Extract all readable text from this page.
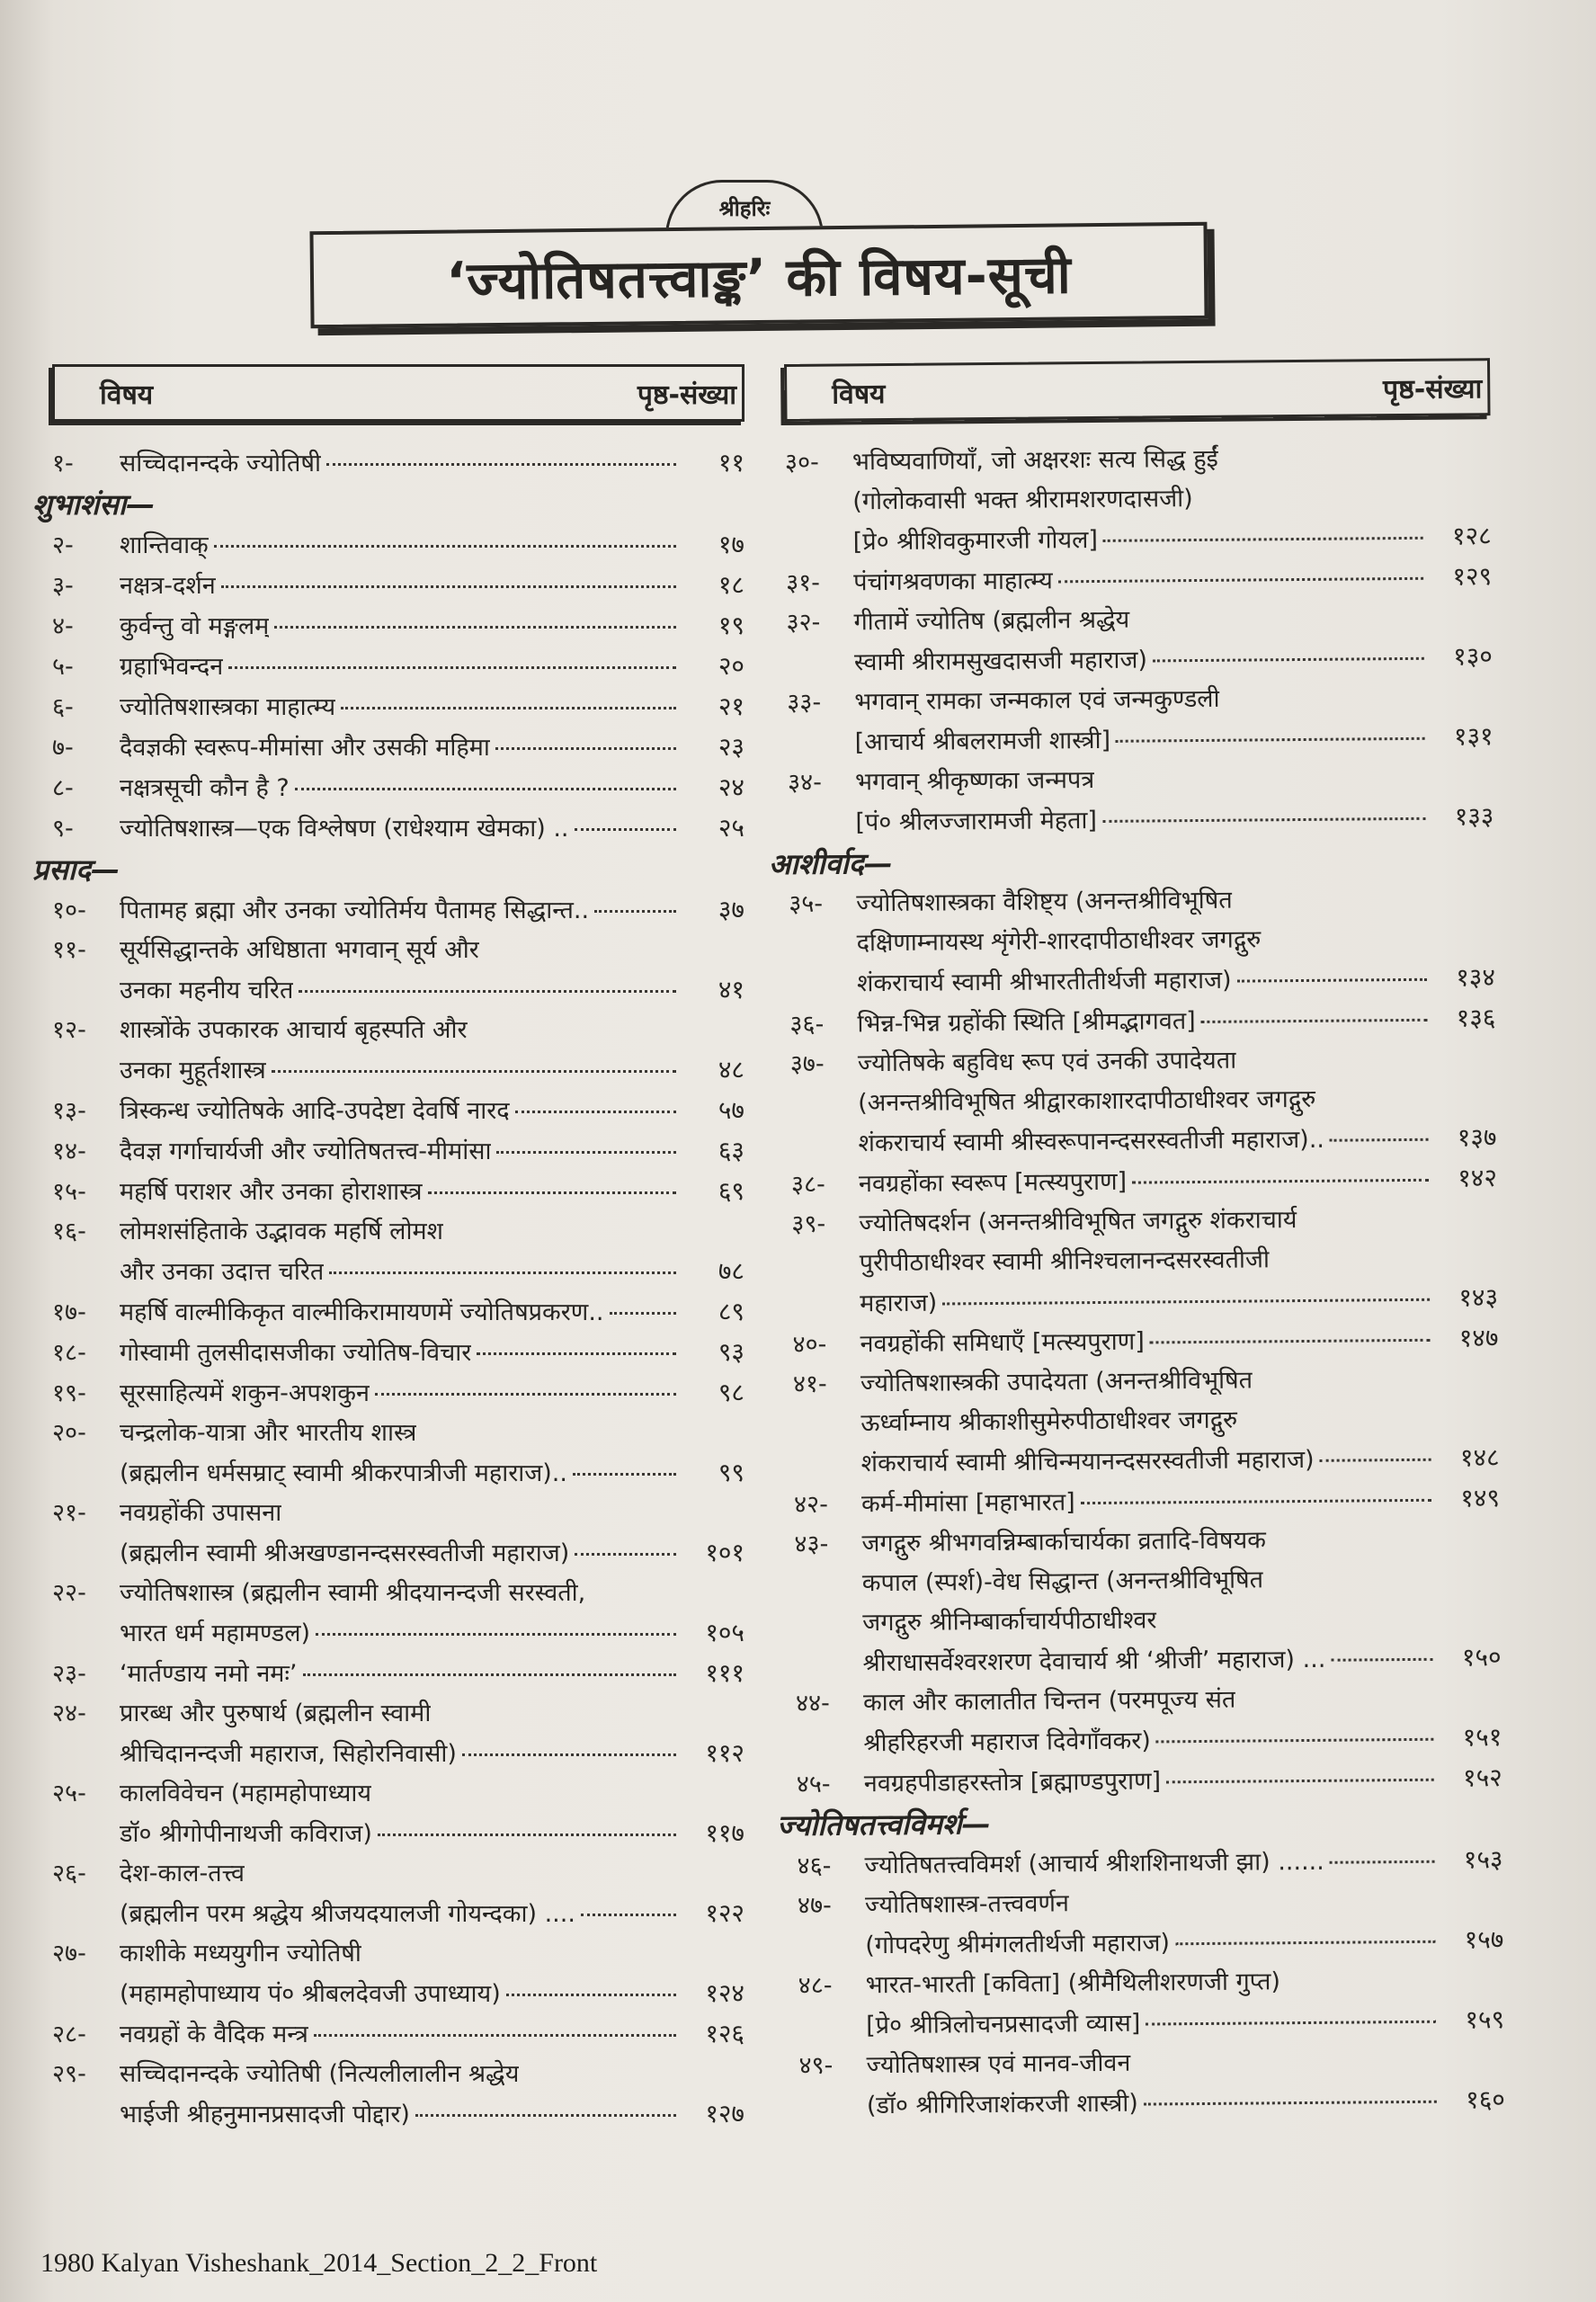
श्रीहरिः
‘ज्योतिषतत्त्वाङ्क’ की विषय-सूची
विषय	पृष्ठ-संख्या
१-	सच्चिदानन्दके ज्योतिषी	११
शुभाशंसा—
२-	शान्तिवाक्	१७
३-	नक्षत्र-दर्शन	१८
४-	कुर्वन्तु वो मङ्गलम्	१९
५-	ग्रहाभिवन्दन	२०
६-	ज्योतिषशास्त्रका माहात्म्य	२१
७-	दैवज्ञकी स्वरूप-मीमांसा और उसकी महिमा	२३
८-	नक्षत्रसूची कौन है ?	२४
९-	ज्योतिषशास्त्र—एक विश्लेषण (राधेश्याम खेमका) ..	२५
प्रसाद—
१०-	पितामह ब्रह्मा और उनका ज्योतिर्मय पैतामह सिद्धान्त..	३७
११-	सूर्यसिद्धान्तके अधिष्ठाता भगवान् सूर्य और
उनका महनीय चरित	४१
१२-	शास्त्रोंके उपकारक आचार्य बृहस्पति और
उनका मुहूर्तशास्त्र	४८
१३-	त्रिस्कन्ध ज्योतिषके आदि-उपदेष्टा देवर्षि नारद	५७
१४-	दैवज्ञ गर्गाचार्यजी और ज्योतिषतत्त्व-मीमांसा	६३
१५-	महर्षि पराशर और उनका होराशास्त्र	६९
१६-	लोमशसंहिताके उद्भावक महर्षि लोमश
और उनका उदात्त चरित	७८
१७-	महर्षि वाल्मीकिकृत वाल्मीकिरामायणमें ज्योतिषप्रकरण..	८९
१८-	गोस्वामी तुलसीदासजीका ज्योतिष-विचार	९३
१९-	सूरसाहित्यमें शकुन-अपशकुन	९८
२०-	चन्द्रलोक-यात्रा और भारतीय शास्त्र
(ब्रह्मलीन धर्मसम्राट् स्वामी श्रीकरपात्रीजी महाराज)..	९९
२१-	नवग्रहोंकी उपासना
(ब्रह्मलीन स्वामी श्रीअखण्डानन्दसरस्वतीजी महाराज)	१०१
२२-	ज्योतिषशास्त्र (ब्रह्मलीन स्वामी श्रीदयानन्दजी सरस्वती,
भारत धर्म महामण्डल)	१०५
२३-	‘मार्तण्डाय नमो नमः’	१११
२४-	प्रारब्ध और पुरुषार्थ (ब्रह्मलीन स्वामी
श्रीचिदानन्दजी महाराज, सिहोरनिवासी)	११२
२५-	कालविवेचन (महामहोपाध्याय
डॉ० श्रीगोपीनाथजी कविराज)	११७
२६-	देश-काल-तत्त्व
(ब्रह्मलीन परम श्रद्धेय श्रीजयदयालजी गोयन्दका) ....	१२२
२७-	काशीके मध्ययुगीन ज्योतिषी
(महामहोपाध्याय पं० श्रीबलदेवजी उपाध्याय)	१२४
२८-	नवग्रहों के वैदिक मन्त्र	१२६
२९-	सच्चिदानन्दके ज्योतिषी (नित्यलीलालीन श्रद्धेय
भाईजी श्रीहनुमानप्रसादजी पोद्दार)	१२७
विषय	पृष्ठ-संख्या
३०-	भविष्यवाणियाँ, जो अक्षरशः सत्य सिद्ध हुईं
(गोलोकवासी भक्त श्रीरामशरणदासजी)
[प्रे० श्रीशिवकुमारजी गोयल]	१२८
३१-	पंचांगश्रवणका माहात्म्य	१२९
३२-	गीतामें ज्योतिष (ब्रह्मलीन श्रद्धेय
स्वामी श्रीरामसुखदासजी महाराज)	१३०
३३-	भगवान् रामका जन्मकाल एवं जन्मकुण्डली
[आचार्य श्रीबलरामजी शास्त्री]	१३१
३४-	भगवान् श्रीकृष्णका जन्मपत्र
[पं० श्रीलज्जारामजी मेहता]	१३३
आशीर्वाद—
३५-	ज्योतिषशास्त्रका वैशिष्ट्य (अनन्तश्रीविभूषित
दक्षिणाम्नायस्थ शृंगेरी-शारदापीठाधीश्वर जगद्गुरु
शंकराचार्य स्वामी श्रीभारतीतीर्थजी महाराज)	१३४
३६-	भिन्न-भिन्न ग्रहोंकी स्थिति [श्रीमद्भागवत]	१३६
३७-	ज्योतिषके बहुविध रूप एवं उनकी उपादेयता
(अनन्तश्रीविभूषित श्रीद्वारकाशारदापीठाधीश्वर जगद्गुरु
शंकराचार्य स्वामी श्रीस्वरूपानन्दसरस्वतीजी महाराज)..	१३७
३८-	नवग्रहोंका स्वरूप [मत्स्यपुराण]	१४२
३९-	ज्योतिषदर्शन (अनन्तश्रीविभूषित जगद्गुरु शंकराचार्य
पुरीपीठाधीश्वर स्वामी श्रीनिश्चलानन्दसरस्वतीजी
महाराज)	१४३
४०-	नवग्रहोंकी समिधाएँ [मत्स्यपुराण]	१४७
४१-	ज्योतिषशास्त्रकी उपादेयता (अनन्तश्रीविभूषित
ऊर्ध्वाम्नाय श्रीकाशीसुमेरुपीठाधीश्वर जगद्गुरु
शंकराचार्य स्वामी श्रीचिन्मयानन्दसरस्वतीजी महाराज)	१४८
४२-	कर्म-मीमांसा [महाभारत]	१४९
४३-	जगद्गुरु श्रीभगवन्निम्बार्काचार्यका व्रतादि-विषयक
कपाल (स्पर्श)-वेध सिद्धान्त (अनन्तश्रीविभूषित
जगद्गुरु श्रीनिम्बार्काचार्यपीठाधीश्वर
श्रीराधासर्वेश्वरशरण देवाचार्य श्री ‘श्रीजी’ महाराज) ...	१५०
४४-	काल और कालातीत चिन्तन (परमपूज्य संत
श्रीहरिहरजी महाराज दिवेगाँवकर)	१५१
४५-	नवग्रहपीडाहरस्तोत्र [ब्रह्माण्डपुराण]	१५२
ज्योतिषतत्त्वविमर्श—
४६-	ज्योतिषतत्त्वविमर्श (आचार्य श्रीशशिनाथजी झा) ......	१५३
४७-	ज्योतिषशास्त्र-तत्त्ववर्णन
(गोपदरेणु श्रीमंगलतीर्थजी महाराज)	१५७
४८-	भारत-भारती [कविता] (श्रीमैथिलीशरणजी गुप्त)
[प्रे० श्रीत्रिलोचनप्रसादजी व्यास]	१५९
४९-	ज्योतिषशास्त्र एवं मानव-जीवन
(डॉ० श्रीगिरिजाशंकरजी शास्त्री)	१६०
1980 Kalyan Visheshank_2014_Section_2_2_Front
